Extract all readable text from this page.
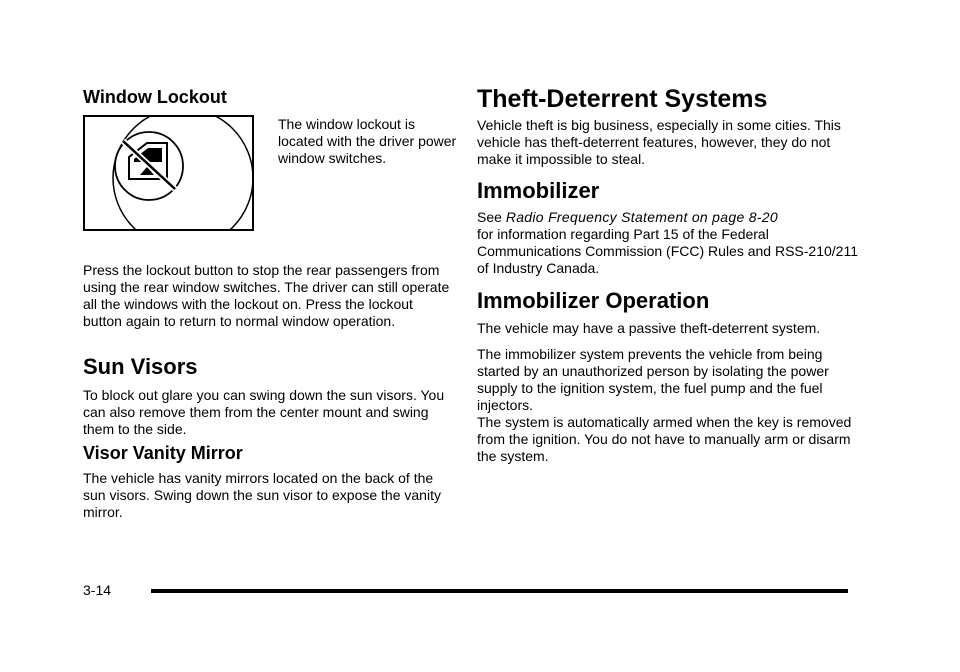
Window Lockout

The window lockout is located with the driver power window switches.

Press the lockout button to stop the rear passengers from using the rear window switches. The driver can still operate all the windows with the lockout on. Press the lockout button again to return to normal window operation.

Sun Visors

To block out glare you can swing down the sun visors. You can also remove them from the center mount and swing them to the side.

Visor Vanity Mirror

The vehicle has vanity mirrors located on the back of the sun visors. Swing down the sun visor to expose the vanity mirror.

Theft-Deterrent Systems

Vehicle theft is big business, especially in some cities. This vehicle has theft-deterrent features, however, they do not make it impossible to steal.

Immobilizer

See Radio Frequency Statement on page 8-20
for information regarding Part 15 of the Federal Communications Commission (FCC) Rules and RSS-210/211 of Industry Canada.

Immobilizer Operation

The vehicle may have a passive theft-deterrent system.

The immobilizer system prevents the vehicle from being started by an unauthorized person by isolating the power supply to the ignition system, the fuel pump and the fuel injectors.

The system is automatically armed when the key is removed from the ignition. You do not have to manually arm or disarm the system.

3-14
